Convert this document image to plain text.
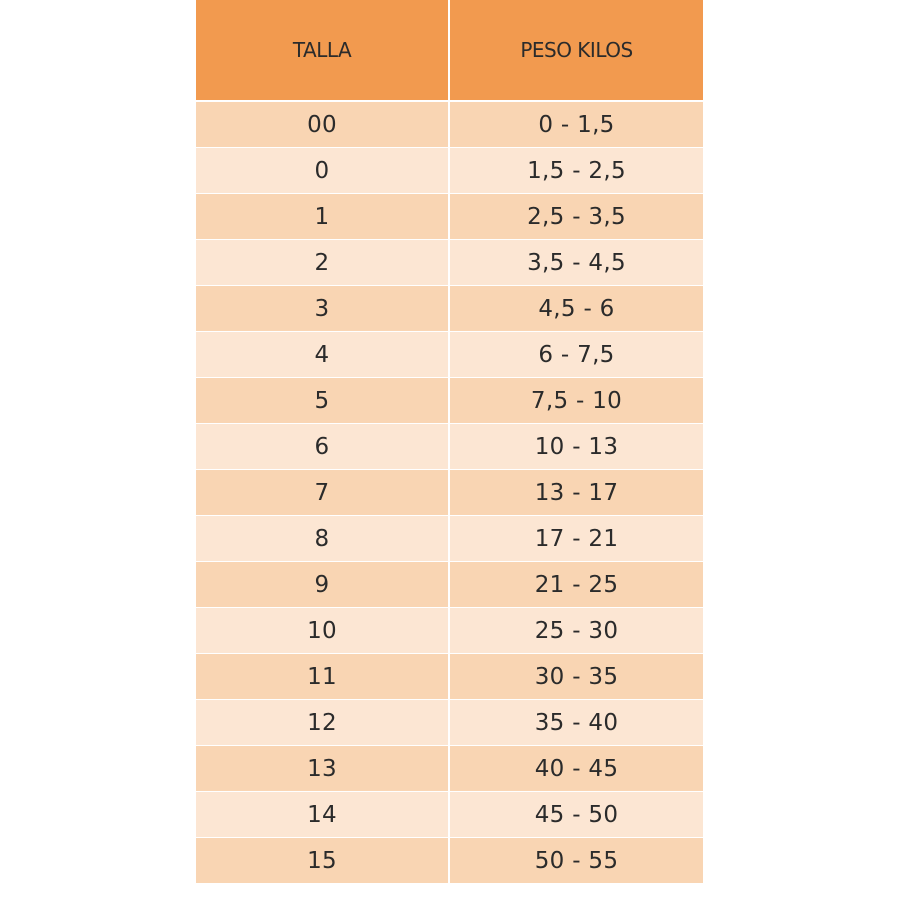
TALLA	PESO KILOS
00	0 - 1,5
0	1,5 - 2,5
1	2,5 - 3,5
2	3,5 - 4,5
3	4,5 - 6
4	6 - 7,5
5	7,5 - 10
6	10 - 13
7	13 - 17
8	17 - 21
9	21 - 25
10	25 - 30
11	30 - 35
12	35 - 40
13	40 - 45
14	45 - 50
15	50 - 55
